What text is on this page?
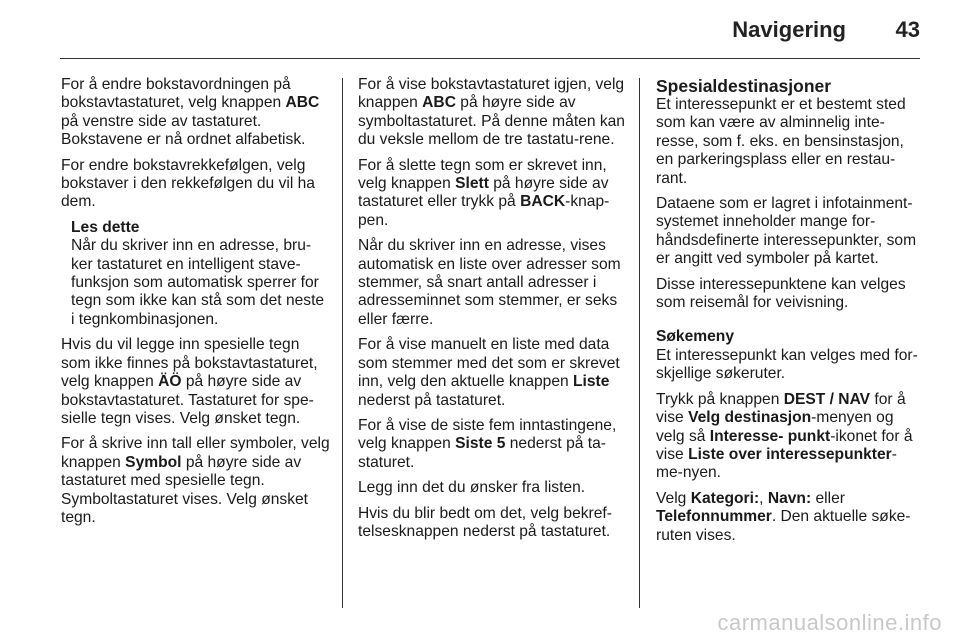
Navigering 43

For å endre bokstavordningen på bokstavtastaturet, velg knappen ABC på venstre side av tastaturet. Bokstavene er nå ordnet alfabetisk.

For endre bokstavrekkefølgen, velg bokstaver i den rekkefølgen du vil ha dem.

Les dette
Når du skriver inn en adresse, bru-ker tastaturet en intelligent stave-funksjon som automatisk sperrer for tegn som ikke kan stå som det neste i tegnkombinasjonen.

Hvis du vil legge inn spesielle tegn som ikke finnes på bokstavtastaturet, velg knappen ÄÖ på høyre side av bokstavtastaturet. Tastaturet for spe-sielle tegn vises. Velg ønsket tegn.

For å skrive inn tall eller symboler, velg knappen Symbol på høyre side av tastaturet med spesielle tegn. Symboltastaturet vises. Velg ønsket tegn.

For å vise bokstavtastaturet igjen, velg knappen ABC på høyre side av symboltastaturet. På denne måten kan du veksle mellom de tre tastatu-rene.

For å slette tegn som er skrevet inn, velg knappen Slett på høyre side av tastaturet eller trykk på BACK-knap-pen.

Når du skriver inn en adresse, vises automatisk en liste over adresser som stemmer, så snart antall adresser i adresseminnet som stemmer, er seks eller færre.

For å vise manuelt en liste med data som stemmer med det som er skrevet inn, velg den aktuelle knappen Liste nederst på tastaturet.

For å vise de siste fem inntastingene, velg knappen Siste 5 nederst på ta-staturet.

Legg inn det du ønsker fra listen.

Hvis du blir bedt om det, velg bekref-telsesknappen nederst på tastaturet.

Spesialdestinasjoner

Et interessepunkt er et bestemt sted som kan være av alminnelig inte-resse, som f. eks. en bensinstasjon, en parkeringsplass eller en restau-rant.

Dataene som er lagret i infotainment-systemet inneholder mange for-håndsdefinerte interessepunkter, som er angitt ved symboler på kartet.

Disse interessepunktene kan velges som reisemål for veivisning.

Søkemeny

Et interessepunkt kan velges med for-skjellige søkeruter.

Trykk på knappen DEST / NAV for å vise Velg destinasjon-menyen og velg så Interesse- punkt-ikonet for å vise Liste over interessepunkter-me-nyen.

Velg Kategori:, Navn: eller Telefonnummer. Den aktuelle søke-ruten vises.

carmanualsonline.info
